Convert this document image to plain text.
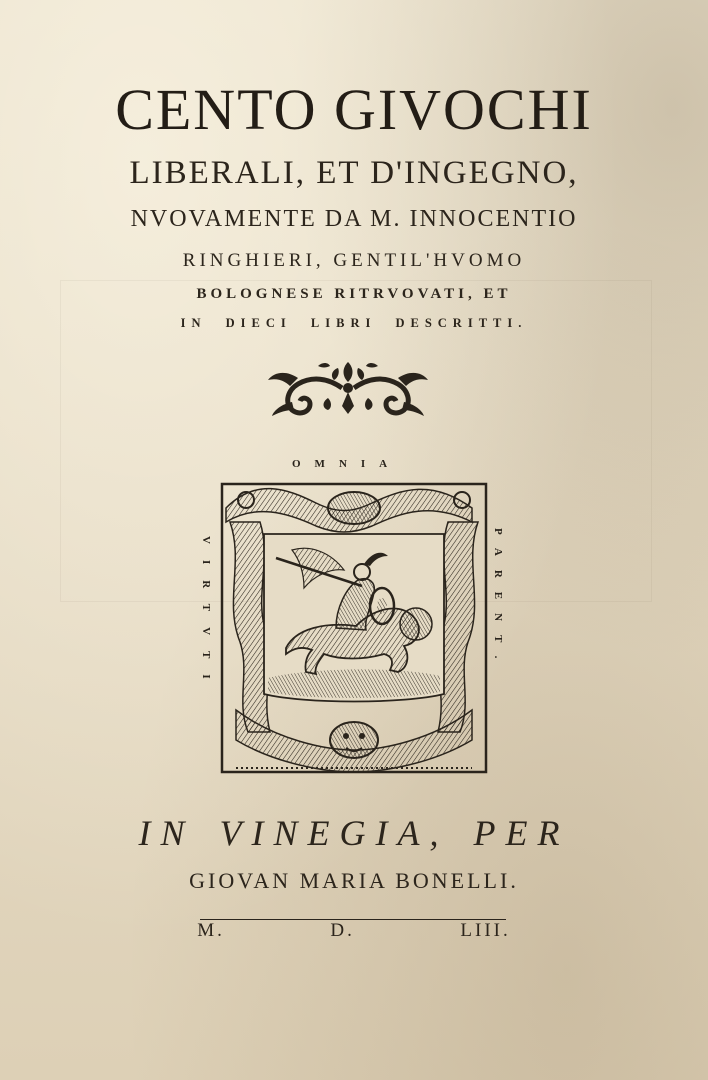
CENTO GIVOCHI
LIBERALI, ET D'INGEGNO,
NVOVAMENTE DA M. INNOCENTIO
RINGHIERI, GENTIL'HVOMO
BOLOGNESE RITRVOVATI, ET
IN DIECI LIBRI DESCRITTI.
OMNIA
VIRTVTI	PARENT.
IN VINEGIA, PER
GIOVAN MARIA BONELLI.
M.	D.	LIII.
